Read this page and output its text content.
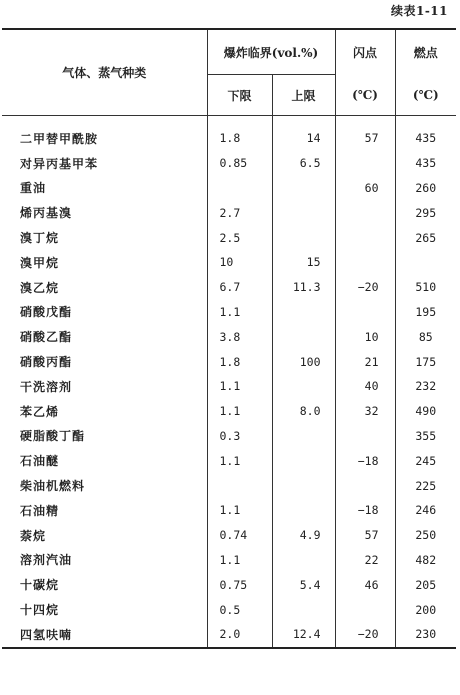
续表1-11
气体、蒸气种类	爆炸临界(vol.%)		闪点	燃点
	下限	上限	(℃)	(℃)
二甲替甲酰胺	1.8	14	57	435
对异丙基甲苯	0.85	6.5		435
重油			60	260
烯丙基溴	2.7			295
溴丁烷	2.5			265
溴甲烷	10	15		
溴乙烷	6.7	11.3	−20	510
硝酸戊酯	1.1			195
硝酸乙酯	3.8		10	85
硝酸丙酯	1.8	100	21	175
干洗溶剂	1.1		40	232
苯乙烯	1.1	8.0	32	490
硬脂酸丁酯	0.3			355
石油醚	1.1		−18	245
柴油机燃料				225
石油精	1.1		−18	246
萘烷	0.74	4.9	57	250
溶剂汽油	1.1		22	482
十碳烷	0.75	5.4	46	205
十四烷	0.5			200
四氢呋喃	2.0	12.4	−20	230
